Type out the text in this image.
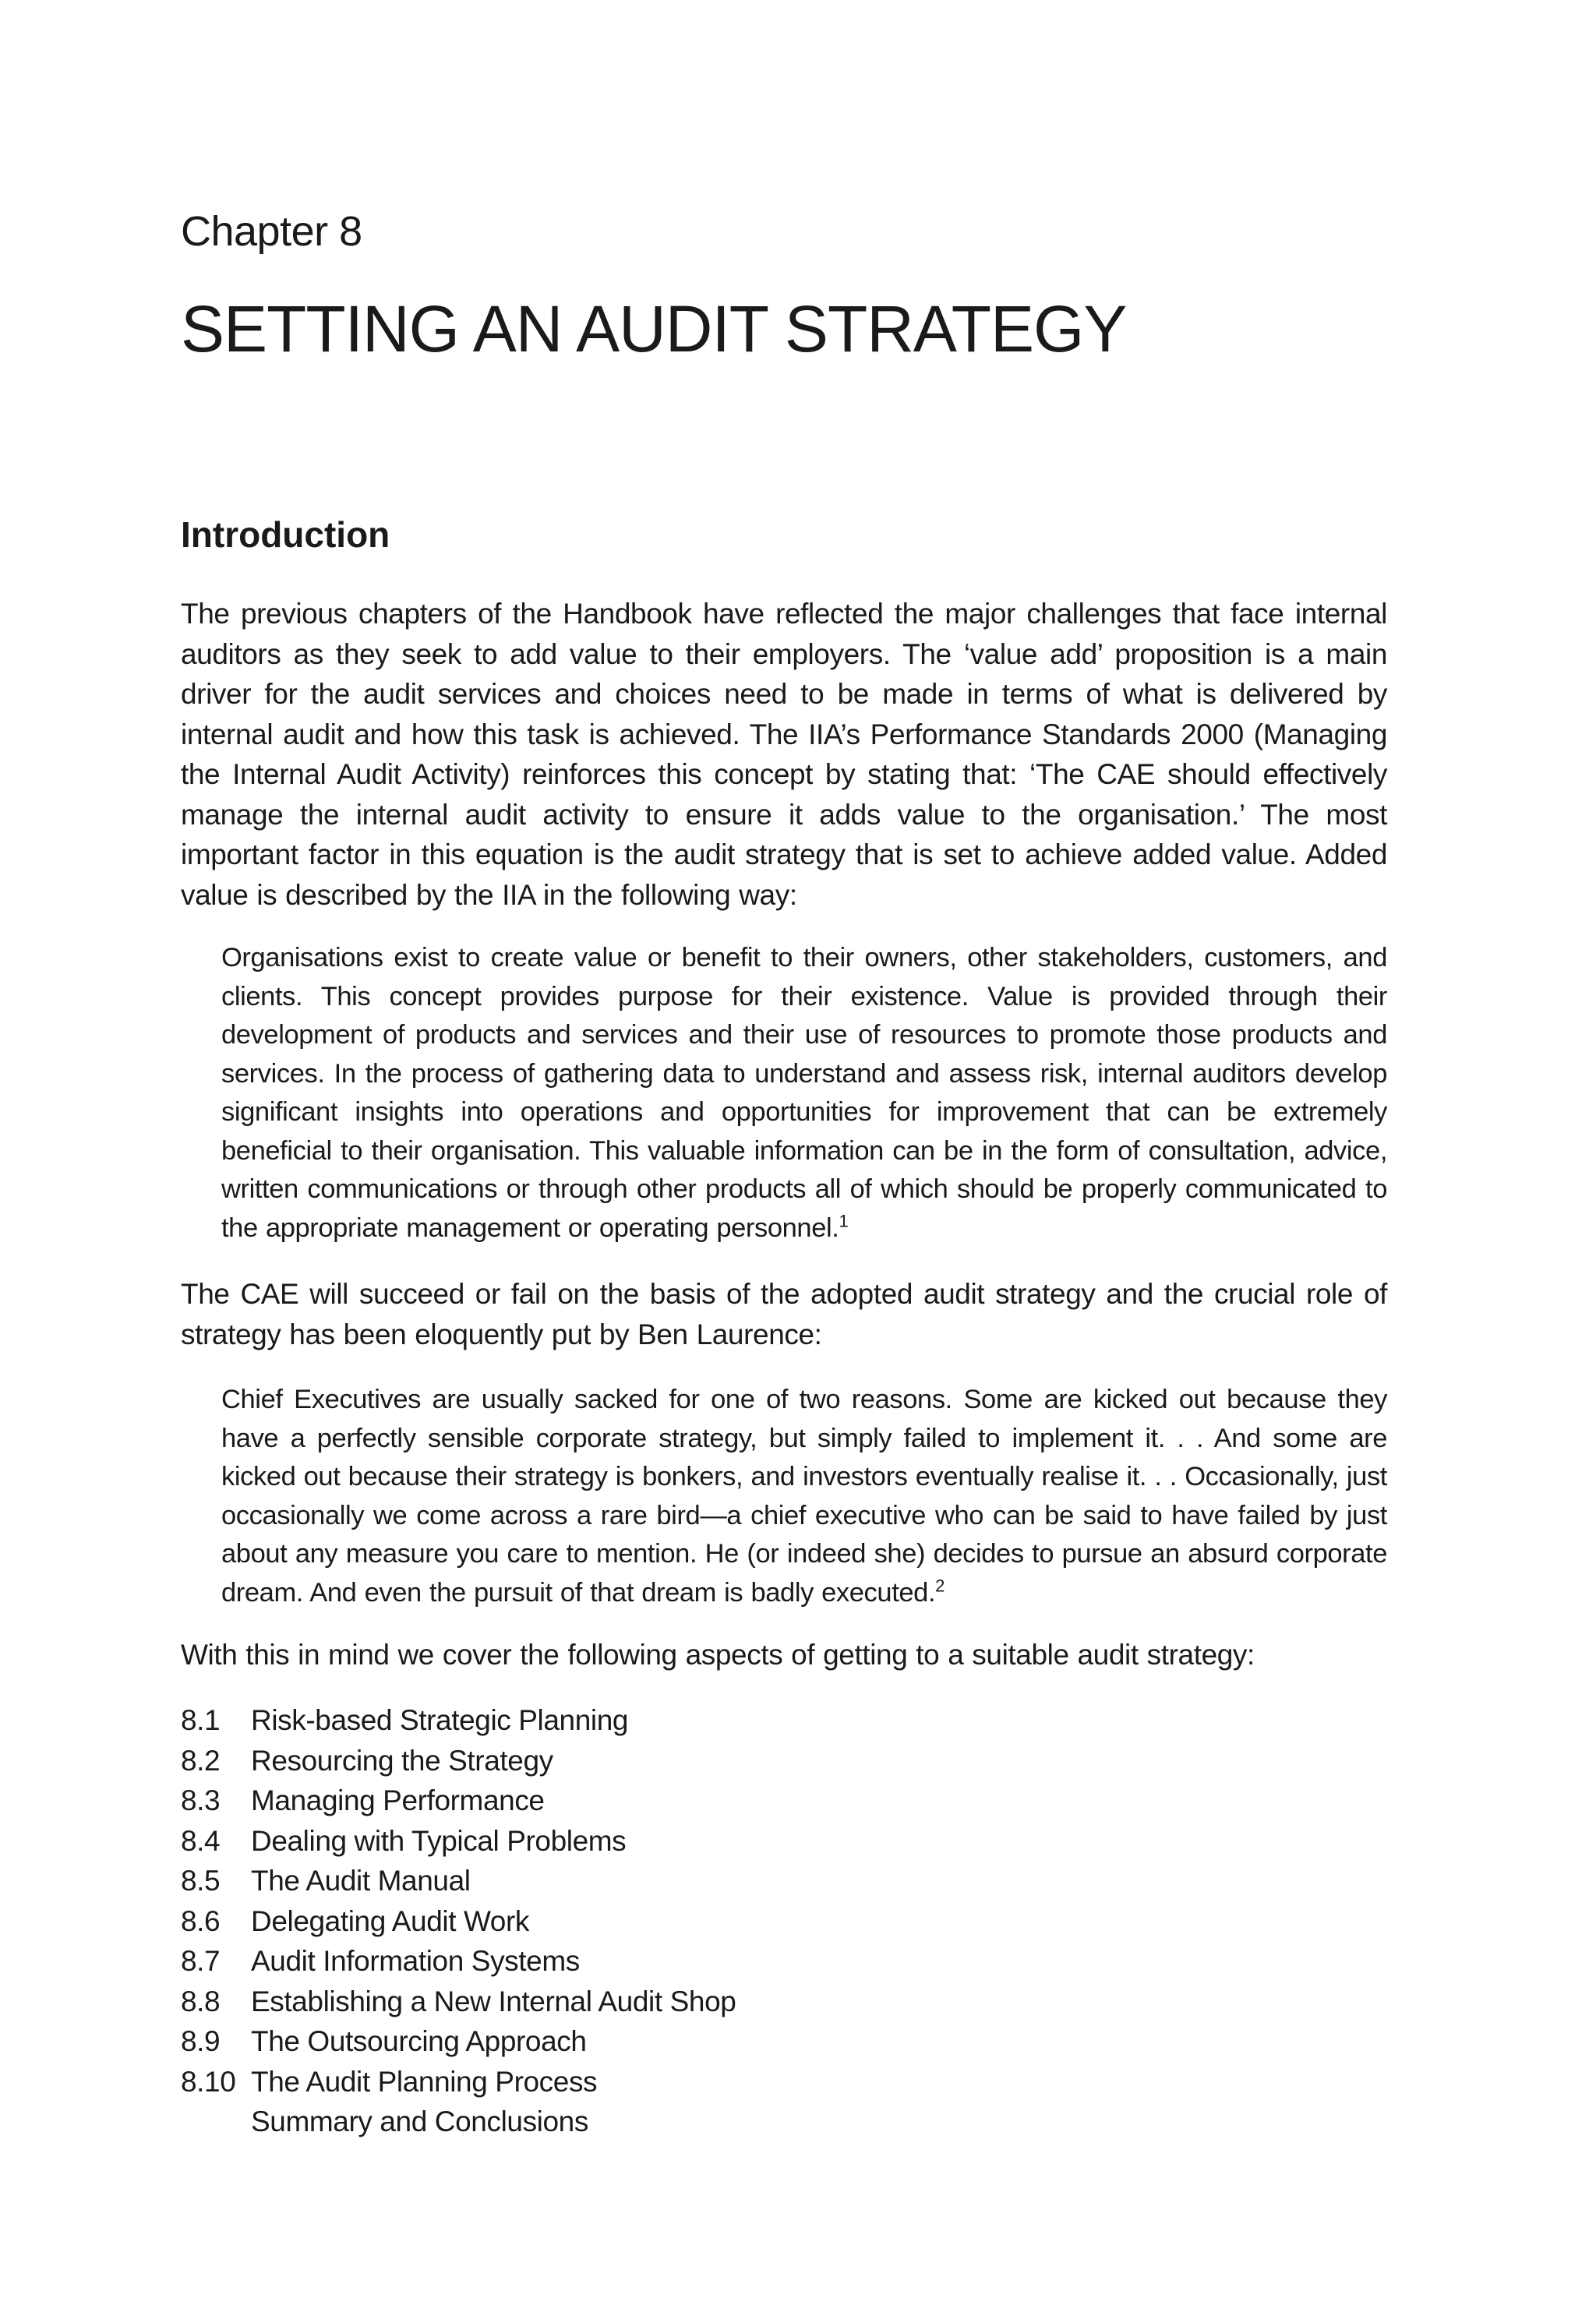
Chapter 8
SETTING AN AUDIT STRATEGY
Introduction

The previous chapters of the Handbook have reflected the major challenges that face internal auditors as they seek to add value to their employers. The ‘value add’ proposition is a main driver for the audit services and choices need to be made in terms of what is delivered by internal audit and how this task is achieved. The IIA’s Performance Standards 2000 (Managing the Internal Audit Activity) reinforces this concept by stating that: ‘The CAE should effectively manage the internal audit activity to ensure it adds value to the organisation.’ The most important factor in this equation is the audit strategy that is set to achieve added value. Added value is described by the IIA in the following way:

Organisations exist to create value or benefit to their owners, other stakeholders, customers, and clients. This concept provides purpose for their existence. Value is provided through their development of products and services and their use of resources to promote those products and services. In the process of gathering data to understand and assess risk, internal auditors develop significant insights into operations and opportunities for improvement that can be extremely beneficial to their organisation. This valuable information can be in the form of consultation, advice, written communications or through other products all of which should be properly communicated to the appropriate management or operating personnel.$^1$

The CAE will succeed or fail on the basis of the adopted audit strategy and the crucial role of strategy has been eloquently put by Ben Laurence:

Chief Executives are usually sacked for one of two reasons. Some are kicked out because they have a perfectly sensible corporate strategy, but simply failed to implement it. . . And some are kicked out because their strategy is bonkers, and investors eventually realise it. . . Occasionally, just occasionally we come across a rare bird—a chief executive who can be said to have failed by just about any measure you care to mention. He (or indeed she) decides to pursue an absurd corporate dream. And even the pursuit of that dream is badly executed.$^2$

With this in mind we cover the following aspects of getting to a suitable audit strategy:

8.1	Risk-based Strategic Planning
8.2	Resourcing the Strategy
8.3	Managing Performance
8.4	Dealing with Typical Problems
8.5	The Audit Manual
8.6	Delegating Audit Work
8.7	Audit Information Systems
8.8	Establishing a New Internal Audit Shop
8.9	The Outsourcing Approach
8.10 The Audit Planning Process
Summary and Conclusions
